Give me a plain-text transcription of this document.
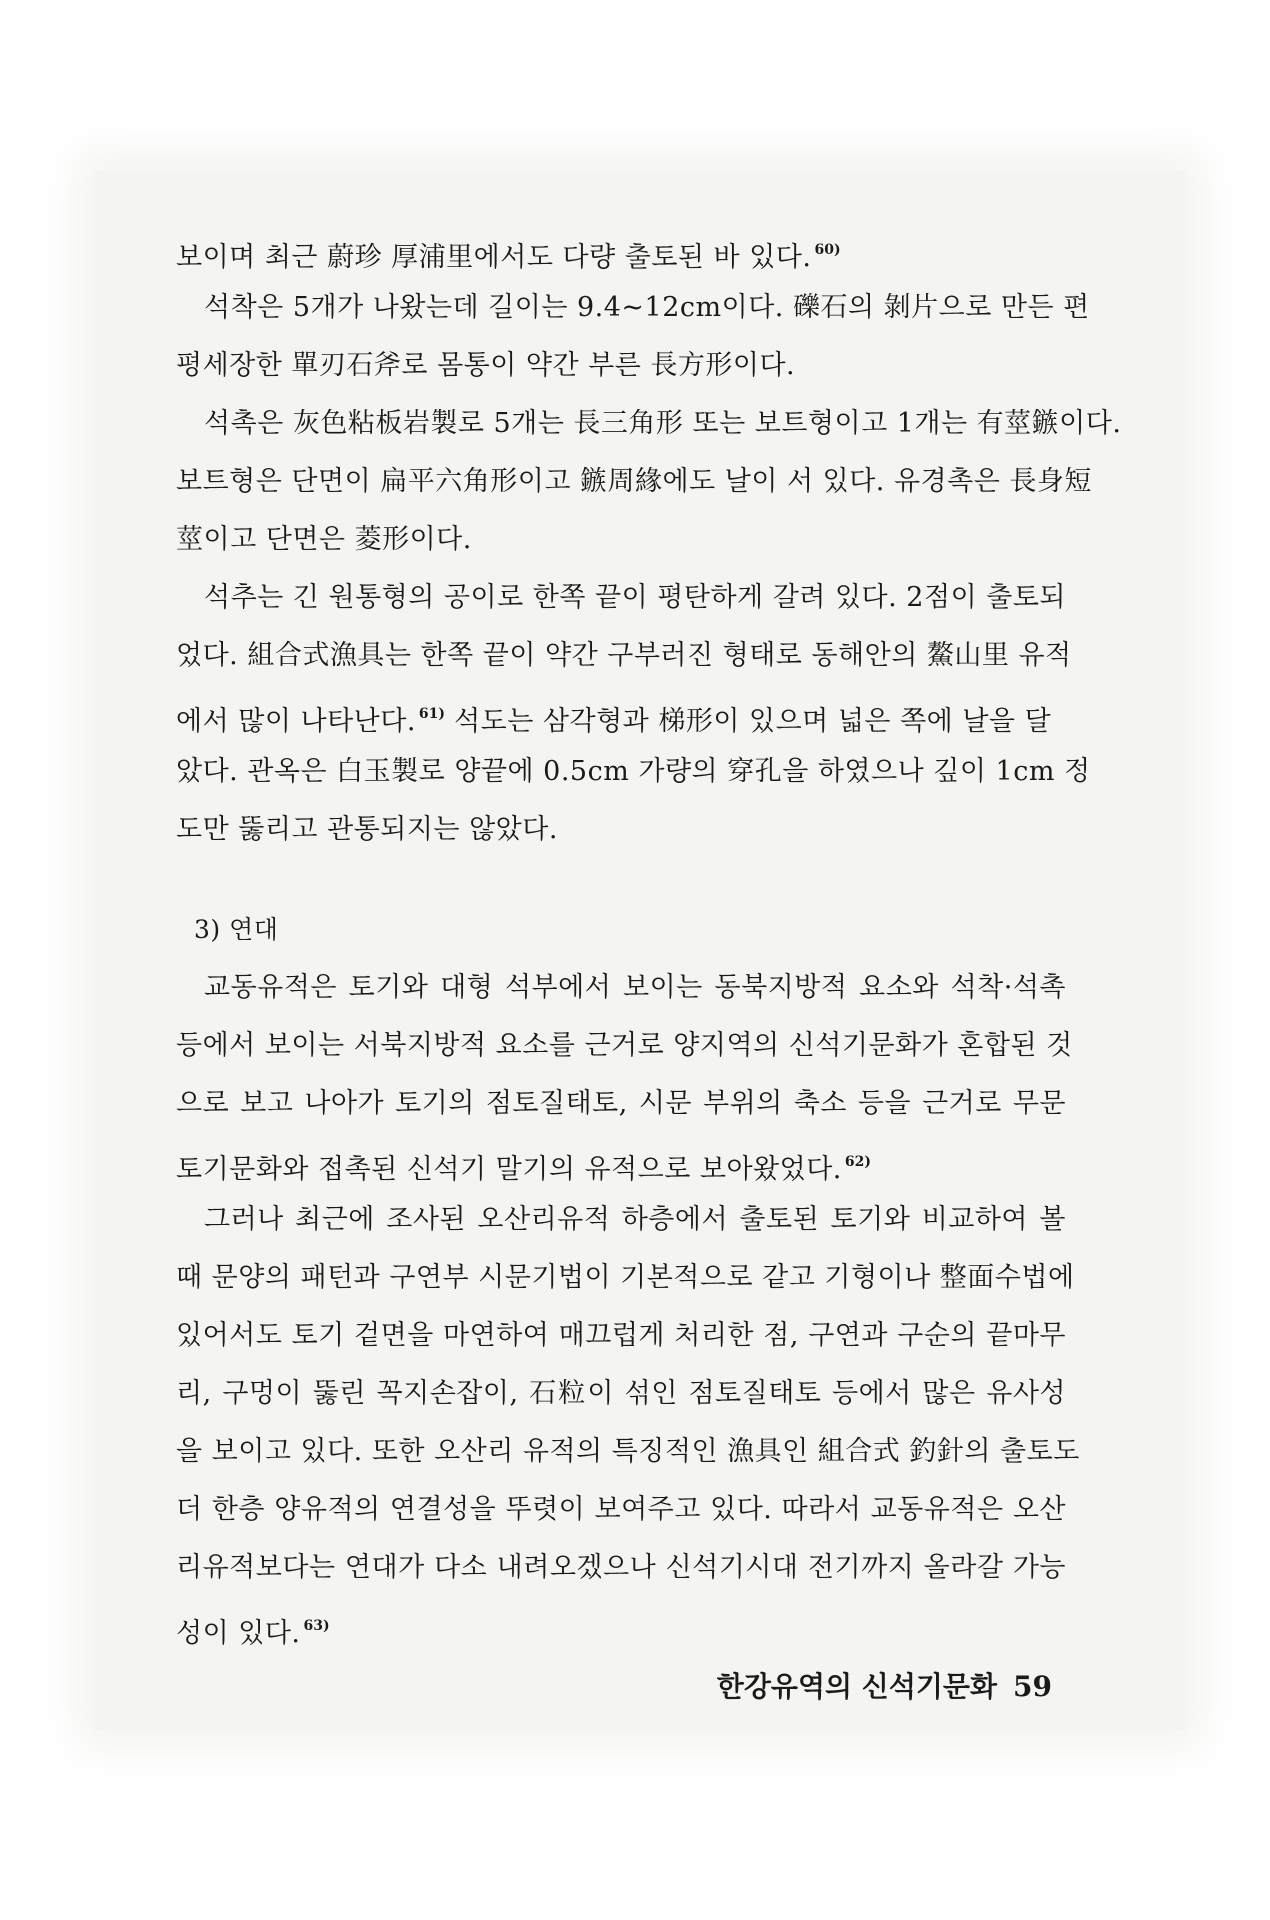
보이며 최근 蔚珍 厚浦里에서도 다량 출토된 바 있다. $^{60)}$
석착은 5개가 나왔는데 길이는 9.4~12cm이다. 礫石의 剝片으로 만든 편
평세장한 單刃石斧로 몸통이 약간 부른 長方形이다.
석촉은 灰色粘板岩製로 5개는 長三角形 또는 보트형이고 1개는 有莖鏃이다.
보트형은 단면이 扁平六角形이고 鏃周緣에도 날이 서 있다. 유경촉은 長身短
莖이고 단면은 菱形이다.
석추는 긴 원통형의 공이로 한쪽 끝이 평탄하게 갈려 있다. 2점이 출토되
었다. 組合式漁具는 한쪽 끝이 약간 구부러진 형태로 동해안의 鰲山里 유적
에서 많이 나타난다. $^{61)}$ 석도는 삼각형과 梯形이 있으며 넓은 쪽에 날을 달
았다. 관옥은 白玉製로 양끝에 0.5cm 가량의 穿孔을 하였으나 깊이 1cm 정
도만 뚫리고 관통되지는 않았다.
3) 연대
교동유적은 토기와 대형 석부에서 보이는 동북지방적 요소와 석착·석촉
등에서 보이는 서북지방적 요소를 근거로 양지역의 신석기문화가 혼합된 것
으로 보고 나아가 토기의 점토질태토, 시문 부위의 축소 등을 근거로 무문
토기문화와 접촉된 신석기 말기의 유적으로 보아왔었다. $^{62)}$
그러나 최근에 조사된 오산리유적 하층에서 출토된 토기와 비교하여 볼
때 문양의 패턴과 구연부 시문기법이 기본적으로 같고 기형이나 整面수법에
있어서도 토기 겉면을 마연하여 매끄럽게 처리한 점, 구연과 구순의 끝마무
리, 구멍이 뚫린 꼭지손잡이, 石粒이 섞인 점토질태토 등에서 많은 유사성
을 보이고 있다. 또한 오산리 유적의 특징적인 漁具인 組合式 釣針의 출토도
더 한층 양유적의 연결성을 뚜렷이 보여주고 있다. 따라서 교동유적은 오산
리유적보다는 연대가 다소 내려오겠으나 신석기시대 전기까지 올라갈 가능
성이 있다. $^{63)}$
한강유역의 신석기문화 59
